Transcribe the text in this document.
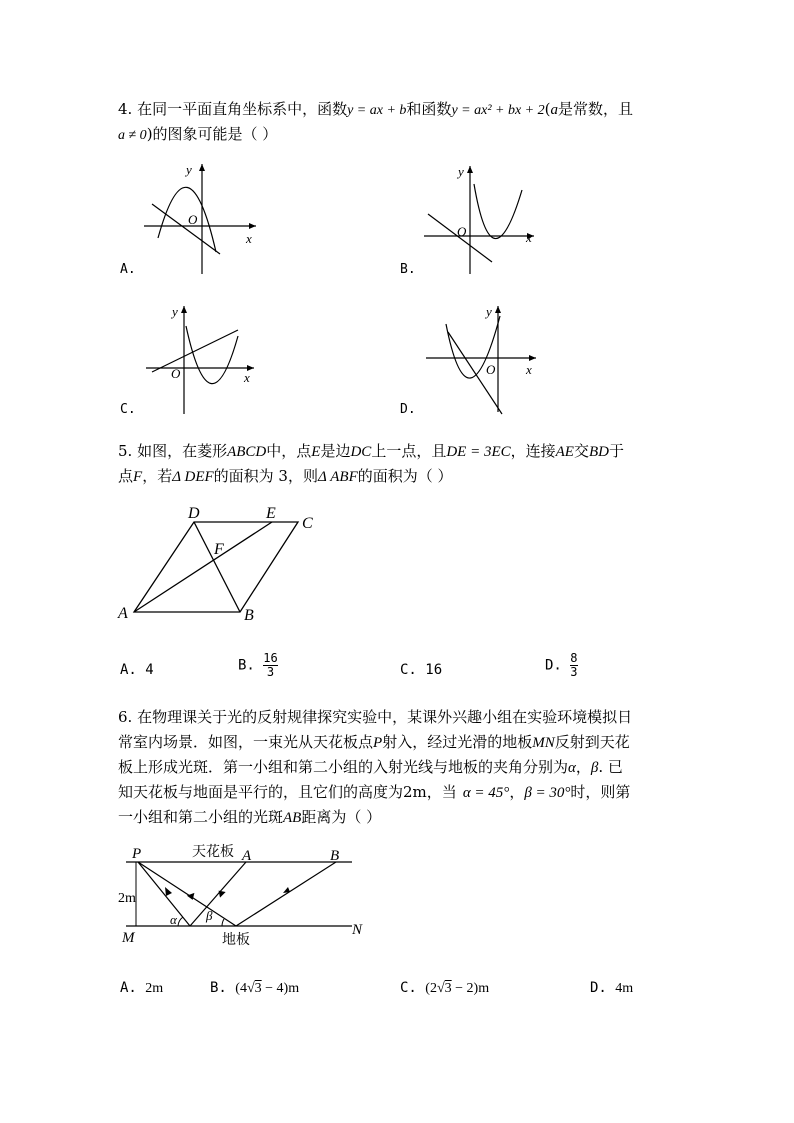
4. 在同一平面直角坐标系中，函数y = ax + b和函数y = ax² + bx + 2(a是常数，且
a ≠ 0)的图象可能是（ ）
x
y
O
A.
x
y
O
B.
x
y
O
C.
x
y
O
D.
5. 如图，在菱形ABCD中，点E是边DC上一点，且DE = 3EC，连接AE交BD于
点F，若Δ DEF的面积为 3，则Δ ABF的面积为（ ）
A	B
C
D	E
F
A. 4	B. $\frac{16}{3}$	C. 16	D. $\frac{8}{3}$
6. 在物理课关于光的反射规律探究实验中，某课外兴趣小组在实验环境模拟日
常室内场景．如图，一束光从天花板点P射入，经过光滑的地板MN反射到天花
板上形成光斑．第一小组和第二小组的入射光线与地板的夹角分别为α，β. 已
知天花板与地面是平行的，且它们的高度为2m，当 α = 45°，β = 30°时，则第
一小组和第二小组的光斑AB距离为（ ）
P	A	B
M	N
天花板
地板
2m
α β
A. 2m	B. (4√3 − 4)m	C. (2√3 − 2)m	D. 4m
